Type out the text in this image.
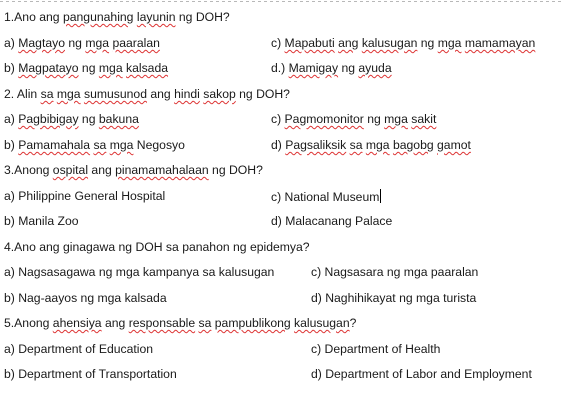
1.Ano ang pangunahing layunin ng DOH?
a) Magtayo ng mga paaralan	c) Mapabuti ang kalusugan ng mga mamamayan
b) Magpatayo ng mga kalsada	d.) Mamigay ng ayuda
2. Alin sa mga sumusunod ang hindi sakop ng DOH?
a) Pagbibigay ng bakuna	c) Pagmomonitor ng mga sakit
b) Pamamahala sa mga Negosyo	d) Pagsaliksik sa mga bagobg gamot
3.Anong ospital ang pinamamahalaan ng DOH?
a) Philippine General Hospital	c) National Museum
b) Manila Zoo	d) Malacanang Palace
4.Ano ang ginagawa ng DOH sa panahon ng epidemya?
a) Nagsasagawa ng mga kampanya sa kalusugan	c) Nagsasara ng mga paaralan
b) Nag-aayos ng mga kalsada	d) Naghihikayat ng mga turista
5.Anong ahensiya ang responsable sa pampublikong kalusugan?
a) Department of Education	c) Department of Health
b) Department of Transportation	d) Department of Labor and Employment
